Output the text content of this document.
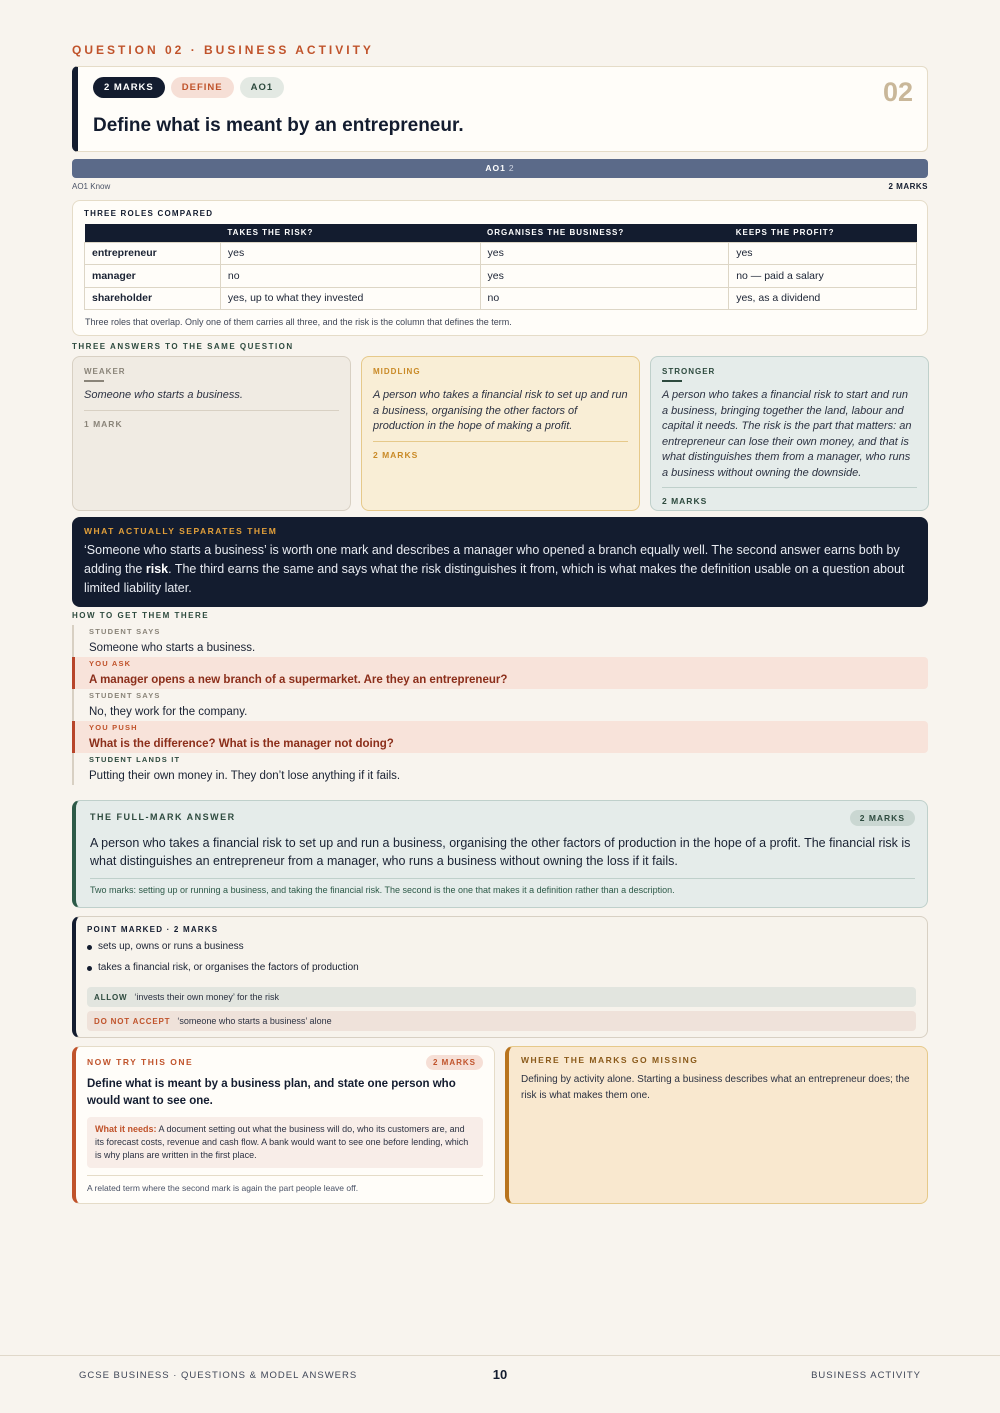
QUESTION 02 · BUSINESS ACTIVITY
2 MARKS	DEFINE	AO1	02
Define what is meant by an entrepreneur.
AO1 2
AO1 Know	2 MARKS
THREE ROLES COMPARED
	TAKES THE RISK?	ORGANISES THE BUSINESS?	KEEPS THE PROFIT?
entrepreneur	yes	yes	yes
manager	no	yes	no — paid a salary
shareholder	yes, up to what they invested	no	yes, as a dividend
Three roles that overlap. Only one of them carries all three, and the risk is the column that defines the term.
THREE ANSWERS TO THE SAME QUESTION
WEAKER
Someone who starts a business.
1 MARK
MIDDLING
A person who takes a financial risk to set up and run a business, organising the other factors of production in the hope of making a profit.
2 MARKS
STRONGER
A person who takes a financial risk to start and run a business, bringing together the land, labour and capital it needs. The risk is the part that matters: an entrepreneur can lose their own money, and that is what distinguishes them from a manager, who runs a business without owning the downside.
2 MARKS
WHAT ACTUALLY SEPARATES THEM
‘Someone who starts a business’ is worth one mark and describes a manager who opened a branch equally well. The second answer earns both by adding the risk. The third earns the same and says what the risk distinguishes it from, which is what makes the definition usable on a question about limited liability later.
HOW TO GET THEM THERE
STUDENT SAYS
Someone who starts a business.
YOU ASK
A manager opens a new branch of a supermarket. Are they an entrepreneur?
STUDENT SAYS
No, they work for the company.
YOU PUSH
What is the difference? What is the manager not doing?
STUDENT LANDS IT
Putting their own money in. They don’t lose anything if it fails.
THE FULL-MARK ANSWER	2 MARKS
A person who takes a financial risk to set up and run a business, organising the other factors of production in the hope of a profit. The financial risk is what distinguishes an entrepreneur from a manager, who runs a business without owning the loss if it fails.
Two marks: setting up or running a business, and taking the financial risk. The second is the one that makes it a definition rather than a description.
POINT MARKED · 2 MARKS
sets up, owns or runs a business
takes a financial risk, or organises the factors of production
ALLOW ‘invests their own money’ for the risk
DO NOT ACCEPT ‘someone who starts a business’ alone
NOW TRY THIS ONE	2 MARKS
Define what is meant by a business plan, and state one person who would want to see one.
What it needs: A document setting out what the business will do, who its customers are, and its forecast costs, revenue and cash flow. A bank would want to see one before lending, which is why plans are written in the first place.
A related term where the second mark is again the part people leave off.
WHERE THE MARKS GO MISSING
Defining by activity alone. Starting a business describes what an entrepreneur does; the risk is what makes them one.
GCSE BUSINESS · QUESTIONS & MODEL ANSWERS	10	BUSINESS ACTIVITY
